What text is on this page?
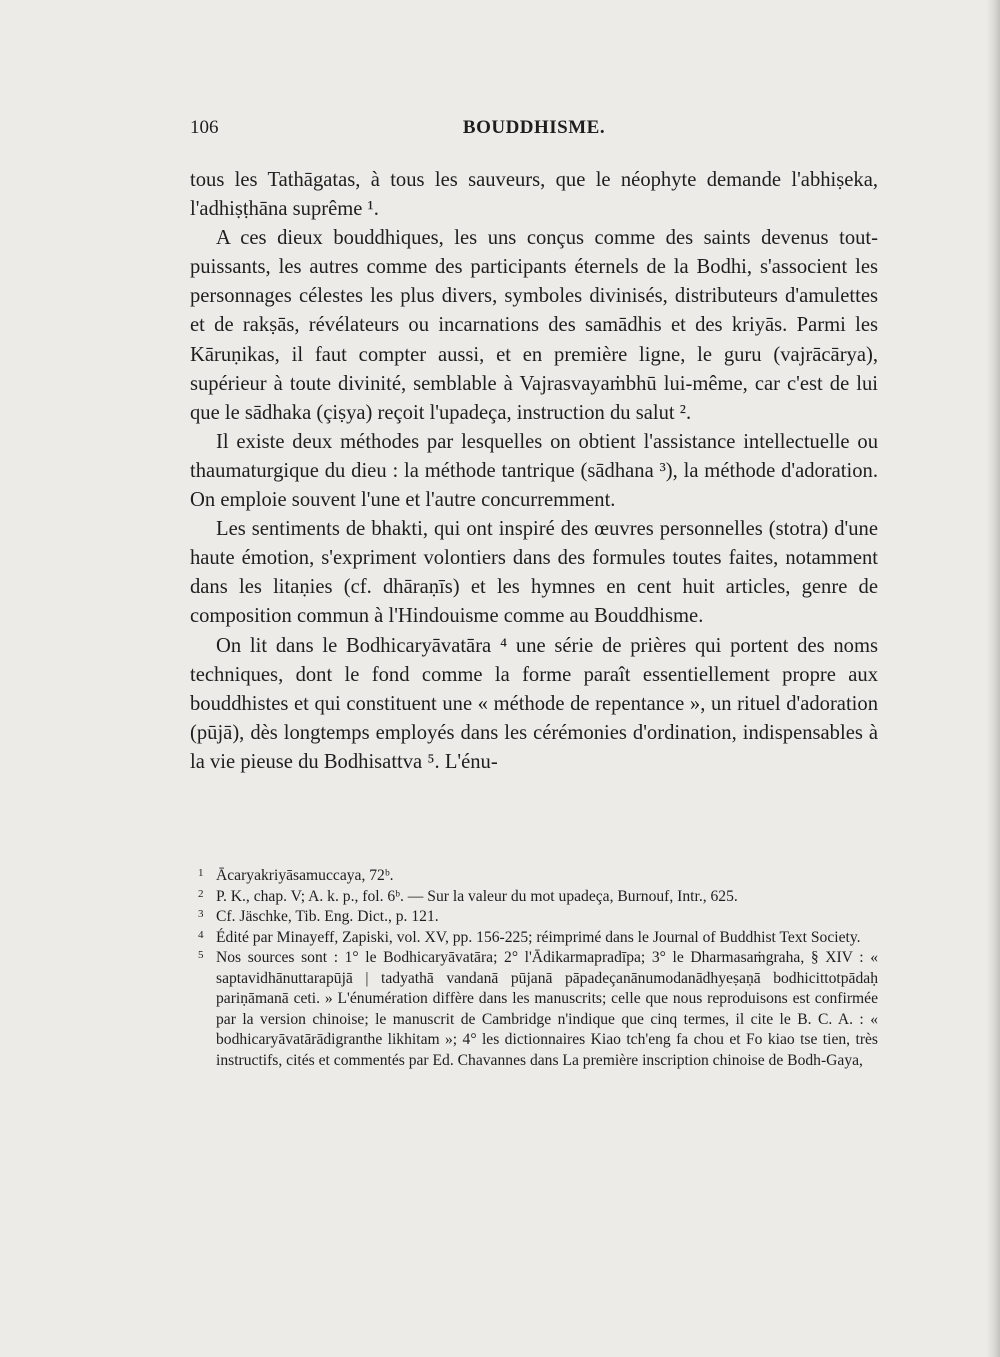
106	BOUDDHISME.

tous les Tathāgatas, à tous les sauveurs, que le néophyte demande l'abhiṣeka, l'adhiṣṭhāna suprême ¹.

A ces dieux bouddhiques, les uns conçus comme des saints devenus tout-puissants, les autres comme des participants éternels de la Bodhi, s'associent les personnages célestes les plus divers, symboles divinisés, distributeurs d'amulettes et de rakṣās, révélateurs ou incarnations des samādhis et des kriyās. Parmi les Kāruṇikas, il faut compter aussi, et en première ligne, le guru (vajrācārya), supérieur à toute divinité, semblable à Vajrasvayaṁbhū lui-même, car c'est de lui que le sādhaka (çiṣya) reçoit l'upadeça, instruction du salut ².

Il existe deux méthodes par lesquelles on obtient l'assistance intellectuelle ou thaumaturgique du dieu : la méthode tantrique (sādhana ³), la méthode d'adoration. On emploie souvent l'une et l'autre concurremment.

Les sentiments de bhakti, qui ont inspiré des œuvres personnelles (stotra) d'une haute émotion, s'expriment volontiers dans des formules toutes faites, notamment dans les litaṇies (cf. dhāraṇīs) et les hymnes en cent huit articles, genre de composition commun à l'Hindouisme comme au Bouddhisme.

On lit dans le Bodhicaryāvatāra ⁴ une série de prières qui portent des noms techniques, dont le fond comme la forme paraît essentiellement propre aux bouddhistes et qui constituent une « méthode de repentance », un rituel d'adoration (pūjā), dès longtemps employés dans les cérémonies d'ordination, indispensables à la vie pieuse du Bodhisattva ⁵. L'énu-

1 Ācaryakriyāsamuccaya, 72ᵇ.
2 P. K., chap. V; A. k. p., fol. 6ᵇ. — Sur la valeur du mot upadeça, Burnouf, Intr., 625.
3 Cf. Jäschke, Tib. Eng. Dict., p. 121.
4 Édité par Minayeff, Zapiski, vol. XV, pp. 156-225; réimprimé dans le Journal of Buddhist Text Society.
5 Nos sources sont : 1° le Bodhicaryāvatāra; 2° l'Ādikarmapradīpa; 3° le Dharmasaṁgraha, § XIV : « saptavidhānuttarapūjā | tadyathā vandanā pūjanā pāpadeçanānumodanādhyeṣaṇā bodhicittotpādaḥ pariṇāmanā ceti. » L'énumération diffère dans les manuscrits; celle que nous reproduisons est confirmée par la version chinoise; le manuscrit de Cambridge n'indique que cinq termes, il cite le B. C. A. : « bodhicaryāvatārādigranthe likhitam »; 4° les dictionnaires Kiao tch'eng fa chou et Fo kiao tse tien, très instructifs, cités et commentés par Ed. Chavannes dans La première inscription chinoise de Bodh-Gaya,
